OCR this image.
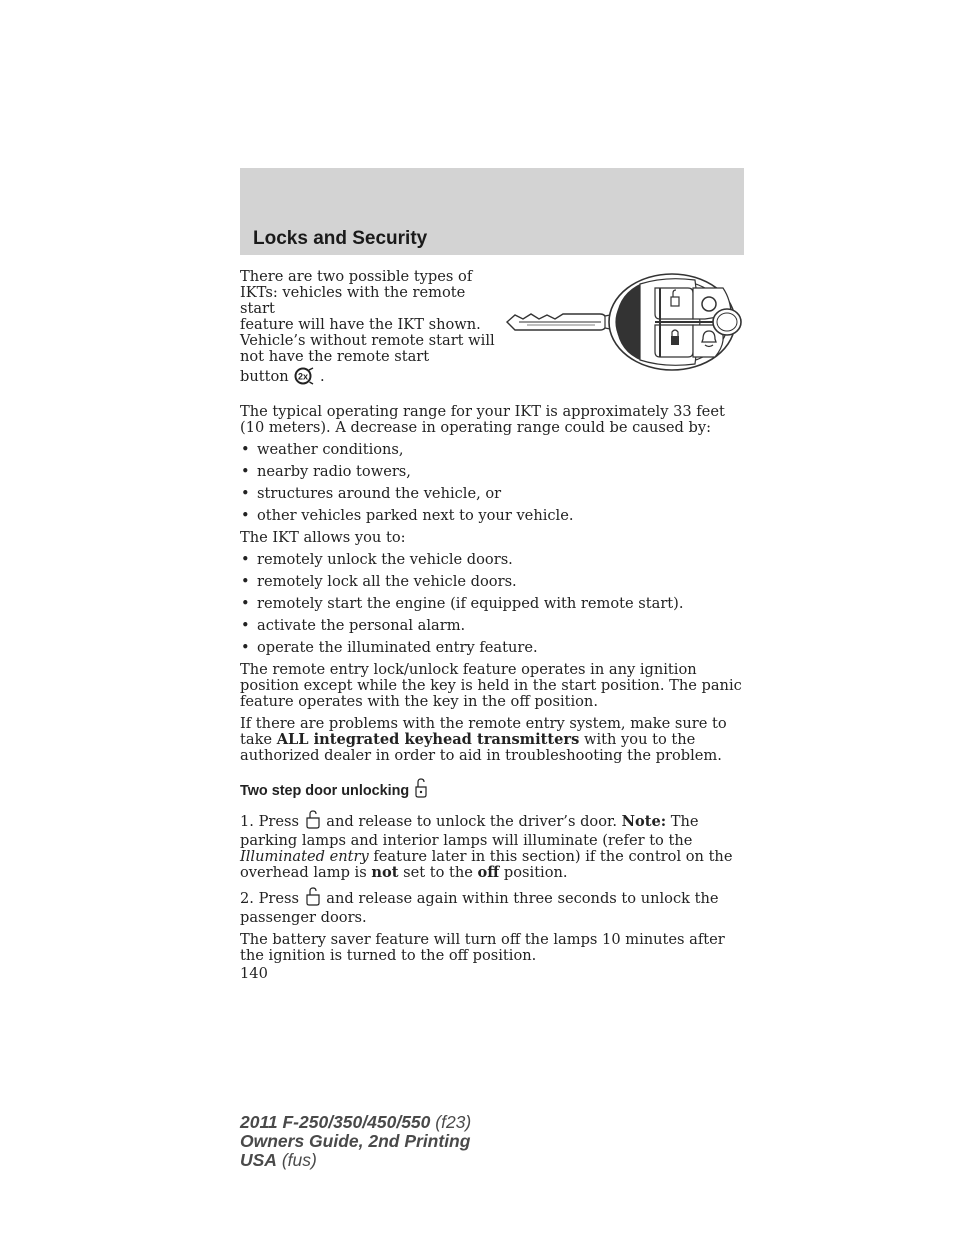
Locks and Security
There are two possible types of
IKTs: vehicles with the remote start
feature will have the IKT shown.
Vehicle’s without remote start will
not have the remote start
button 2x .

The typical operating range for your IKT is approximately 33 feet (10 meters). A decrease in operating range could be caused by:

• weather conditions,
• nearby radio towers,
• structures around the vehicle, or
• other vehicles parked next to your vehicle.

The IKT allows you to:

• remotely unlock the vehicle doors.
• remotely lock all the vehicle doors.
• remotely start the engine (if equipped with remote start).
• activate the personal alarm.
• operate the illuminated entry feature.

The remote entry lock/unlock feature operates in any ignition position except while the key is held in the start position. The panic feature operates with the key in the off position.

If there are problems with the remote entry system, make sure to take ALL integrated keyhead transmitters with you to the authorized dealer in order to aid in troubleshooting the problem.

Two step door unlocking

1. Press  and release to unlock the driver’s door. Note: The parking lamps and interior lamps will illuminate (refer to the Illuminated entry feature later in this section) if the control on the overhead lamp is not set to the off position.

2. Press  and release again within three seconds to unlock the passenger doors.

The battery saver feature will turn off the lamps 10 minutes after the ignition is turned to the off position.

140
2011 F-250/350/450/550 (f23)
Owners Guide, 2nd Printing
USA (fus)
